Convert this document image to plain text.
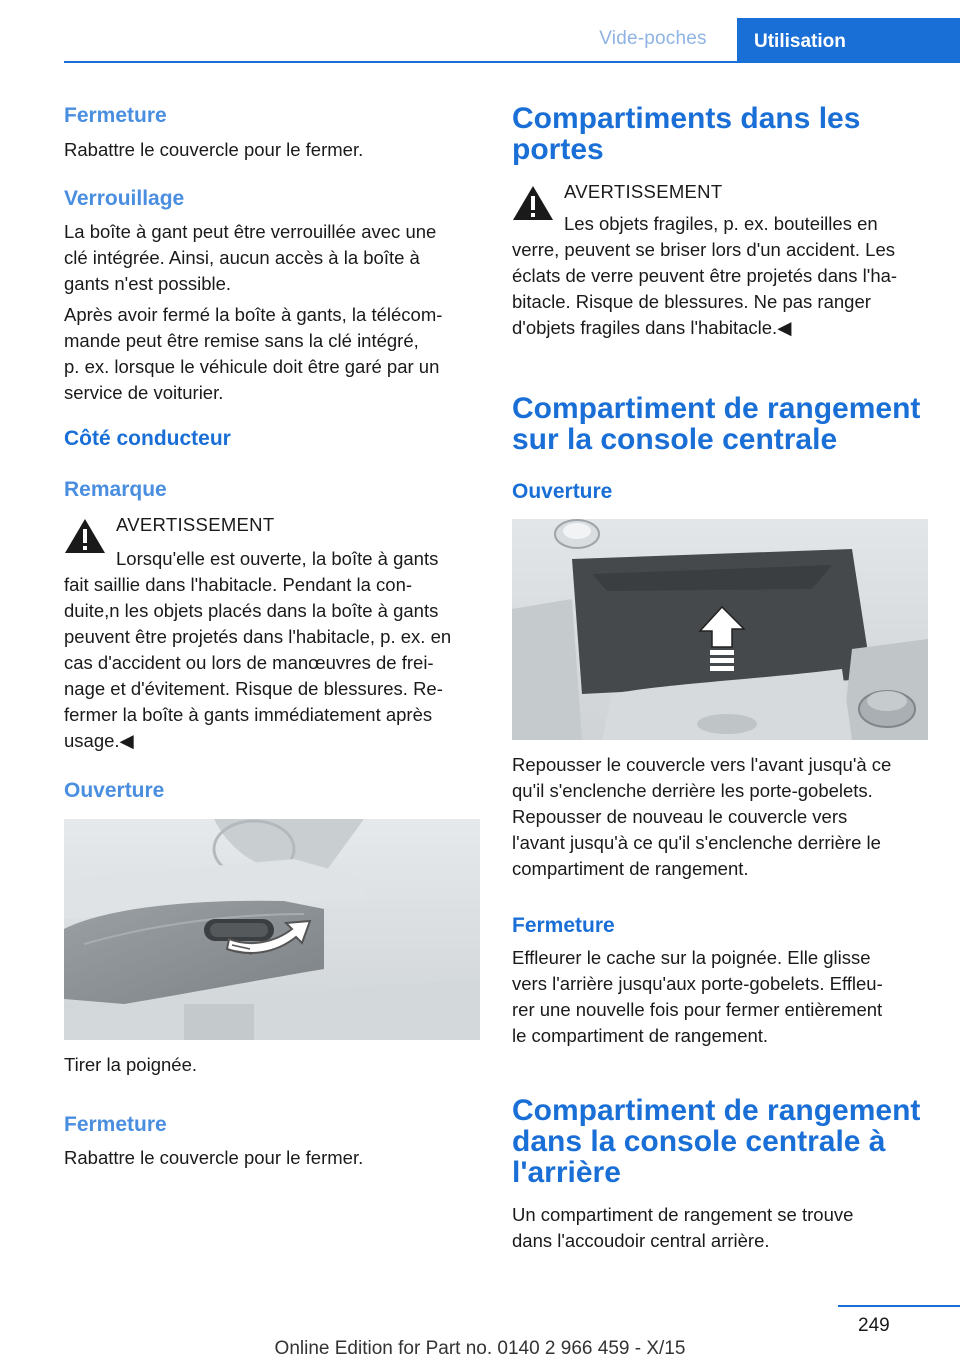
Vide-poches	Utilisation
Fermeture
Rabattre le couvercle pour le fermer.
Verrouillage
La boîte à gant peut être verrouillée avec une
clé intégrée. Ainsi, aucun accès à la boîte à
gants n'est possible.
Après avoir fermé la boîte à gants, la télécom‐
mande peut être remise sans la clé intégré,
p. ex. lorsque le véhicule doit être garé par un
service de voiturier.
Côté conducteur
Remarque
AVERTISSEMENT
Lorsqu'elle est ouverte, la boîte à gants
fait saillie dans l'habitacle. Pendant la con‐
duite,n les objets placés dans la boîte à gants
peuvent être projetés dans l'habitacle, p. ex. en
cas d'accident ou lors de manœuvres de frei‐
nage et d'évitement. Risque de blessures. Re‐
fermer la boîte à gants immédiatement après
usage.◀
Ouverture
Tirer la poignée.
Fermeture
Rabattre le couvercle pour le fermer.
Compartiments dans les
portes
AVERTISSEMENT
Les objets fragiles, p. ex. bouteilles en
verre, peuvent se briser lors d'un accident. Les
éclats de verre peuvent être projetés dans l'ha‐
bitacle. Risque de blessures. Ne pas ranger
d'objets fragiles dans l'habitacle.◀
Compartiment de rangement
sur la console centrale
Ouverture
Repousser le couvercle vers l'avant jusqu'à ce
qu'il s'enclenche derrière les porte-gobelets.
Repousser de nouveau le couvercle vers
l'avant jusqu'à ce qu'il s'enclenche derrière le
compartiment de rangement.
Fermeture
Effleurer le cache sur la poignée. Elle glisse
vers l'arrière jusqu'aux porte-gobelets. Effleu‐
rer une nouvelle fois pour fermer entièrement
le compartiment de rangement.
Compartiment de rangement
dans la console centrale à
l'arrière
Un compartiment de rangement se trouve
dans l'accoudoir central arrière.
249
Online Edition for Part no. 0140 2 966 459 - X/15
